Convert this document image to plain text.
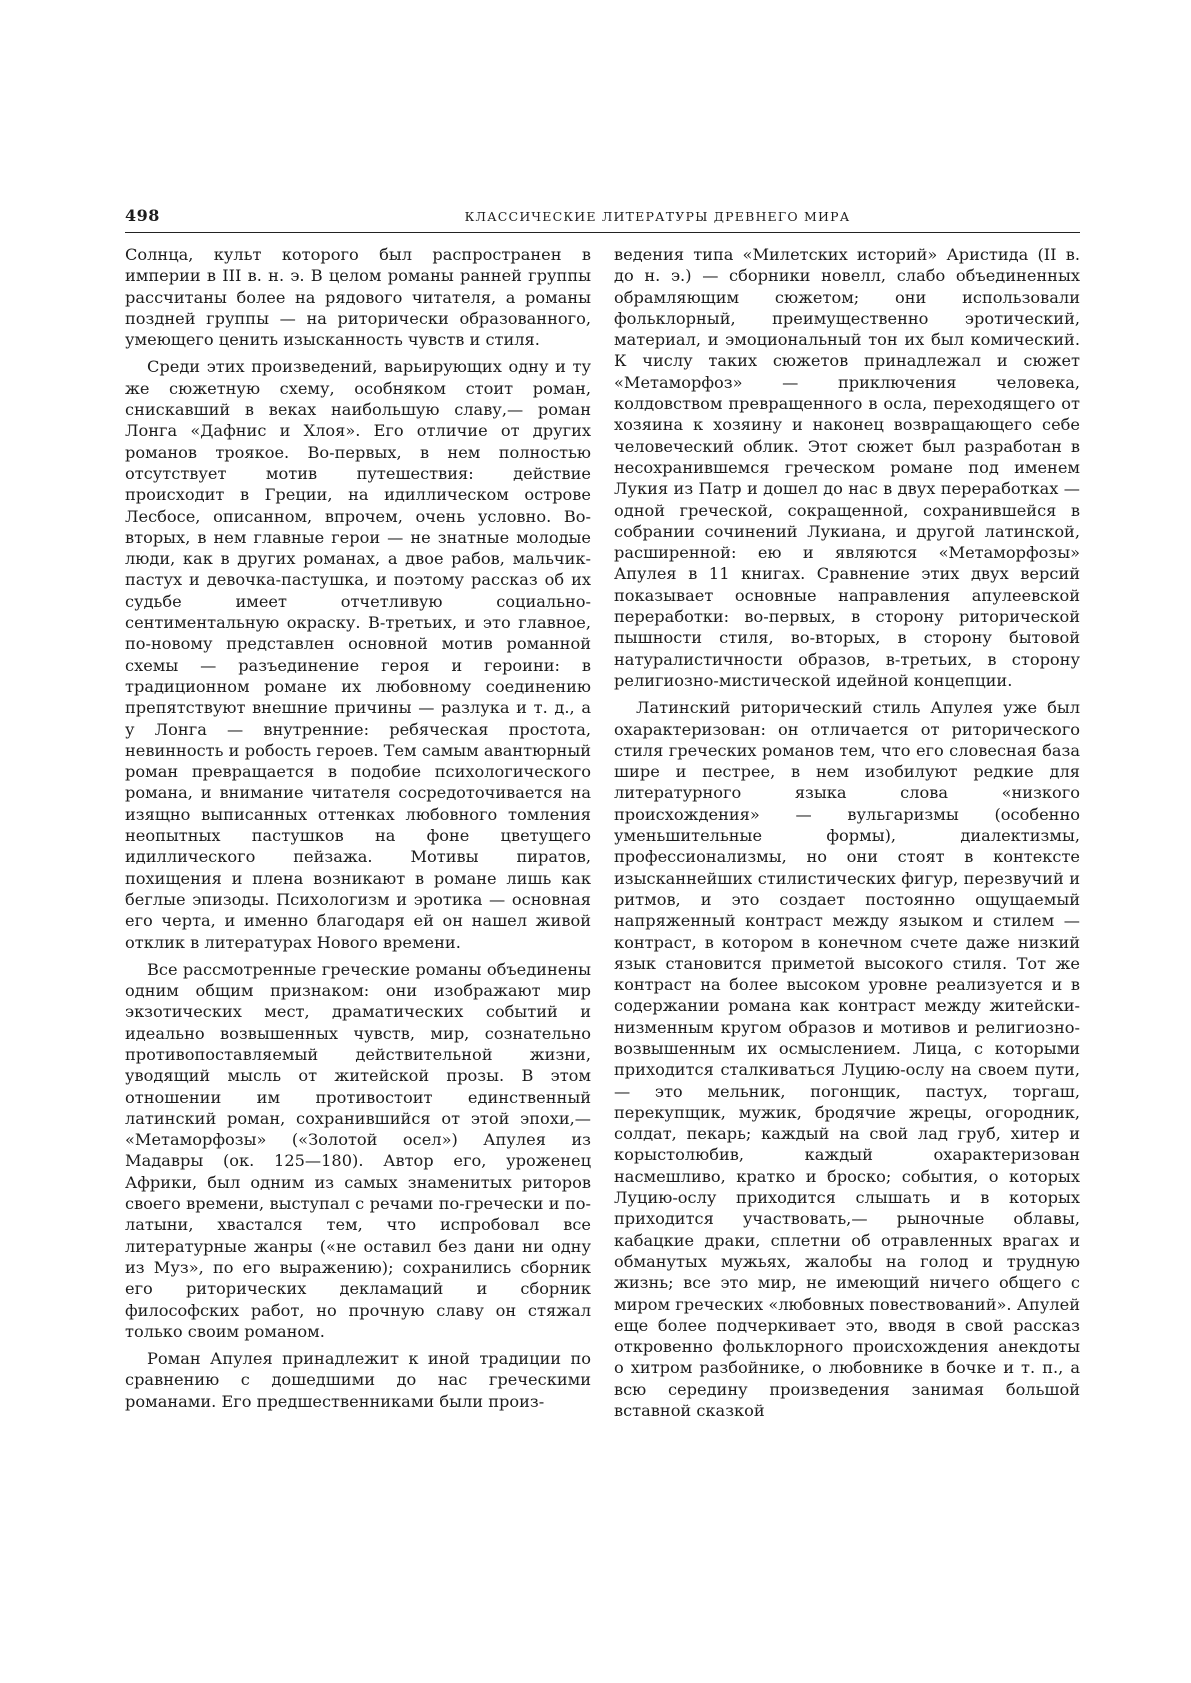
498	КЛАССИЧЕСКИЕ ЛИТЕРАТУРЫ ДРЕВНЕГО МИРА

Солнца, культ которого был распространен в империи в III в. н. э. В целом романы ранней группы рассчитаны более на рядового читателя, а романы поздней группы — на риторически образованного, умеющего ценить изысканность чувств и стиля.

Среди этих произведений, варьирующих одну и ту же сюжетную схему, особняком стоит роман, снискавший в веках наибольшую славу,— роман Лонга «Дафнис и Хлоя». Его отличие от других романов троякое. Во-первых, в нем полностью отсутствует мотив путешествия: действие происходит в Греции, на идиллическом острове Лесбосе, описанном, впрочем, очень условно. Во-вторых, в нем главные герои — не знатные молодые люди, как в других романах, а двое рабов, мальчик-пастух и девочка-пастушка, и поэтому рассказ об их судьбе имеет отчетливую социально-сентиментальную окраску. В-третьих, и это главное, по-новому представлен основной мотив романной схемы — разъединение героя и героини: в традиционном романе их любовному соединению препятствуют внешние причины — разлука и т. д., а у Лонга — внутренние: ребяческая простота, невинность и робость героев. Тем самым авантюрный роман превращается в подобие психологического романа, и внимание читателя сосредоточивается на изящно выписанных оттенках любовного томления неопытных пастушков на фоне цветущего идиллического пейзажа. Мотивы пиратов, похищения и плена возникают в романе лишь как беглые эпизоды. Психологизм и эротика — основная его черта, и именно благодаря ей он нашел живой отклик в литературах Нового времени.

Все рассмотренные греческие романы объединены одним общим признаком: они изображают мир экзотических мест, драматических событий и идеально возвышенных чувств, мир, сознательно противопоставляемый действительной жизни, уводящий мысль от житейской прозы. В этом отношении им противостоит единственный латинский роман, сохранившийся от этой эпохи,— «Метаморфозы» («Золотой осел») Апулея из Мадавры (ок. 125—180). Автор его, уроженец Африки, был одним из самых знаменитых риторов своего времени, выступал с речами по-гречески и по-латыни, хвастался тем, что испробовал все литературные жанры («не оставил без дани ни одну из Муз», по его выражению); сохранились сборник его риторических декламаций и сборник философских работ, но прочную славу он стяжал только своим романом.

Роман Апулея принадлежит к иной традиции по сравнению с дошедшими до нас греческими романами. Его предшественниками были произ-

ведения типа «Милетских историй» Аристида (II в. до н. э.) — сборники новелл, слабо объединенных обрамляющим сюжетом; они использовали фольклорный, преимущественно эротический, материал, и эмоциональный тон их был комический. К числу таких сюжетов принадлежал и сюжет «Метаморфоз» — приключения человека, колдовством превращенного в осла, переходящего от хозяина к хозяину и наконец возвращающего себе человеческий облик. Этот сюжет был разработан в несохранившемся греческом романе под именем Лукия из Патр и дошел до нас в двух переработках — одной греческой, сокращенной, сохранившейся в собрании сочинений Лукиана, и другой латинской, расширенной: ею и являются «Метаморфозы» Апулея в 11 книгах. Сравнение этих двух версий показывает основные направления апулеевской переработки: во-первых, в сторону риторической пышности стиля, во-вторых, в сторону бытовой натуралистичности образов, в-третьих, в сторону религиозно-мистической идейной концепции.

Латинский риторический стиль Апулея уже был охарактеризован: он отличается от риторического стиля греческих романов тем, что его словесная база шире и пестрее, в нем изобилуют редкие для литературного языка слова «низкого происхождения» — вульгаризмы (особенно уменьшительные формы), диалектизмы, профессионализмы, но они стоят в контексте изысканнейших стилистических фигур, перезвучий и ритмов, и это создает постоянно ощущаемый напряженный контраст между языком и стилем — контраст, в котором в конечном счете даже низкий язык становится приметой высокого стиля. Тот же контраст на более высоком уровне реализуется и в содержании романа как контраст между житейски-низменным кругом образов и мотивов и религиозно-возвышенным их осмыслением. Лица, с которыми приходится сталкиваться Луцию-ослу на своем пути,— это мельник, погонщик, пастух, торгаш, перекупщик, мужик, бродячие жрецы, огородник, солдат, пекарь; каждый на свой лад груб, хитер и корыстолюбив, каждый охарактеризован насмешливо, кратко и броско; события, о которых Луцию-ослу приходится слышать и в которых приходится участвовать,— рыночные облавы, кабацкие драки, сплетни об отравленных врагах и обманутых мужьях, жалобы на голод и трудную жизнь; все это мир, не имеющий ничего общего с миром греческих «любовных повествований». Апулей еще более подчеркивает это, вводя в свой рассказ откровенно фольклорного происхождения анекдоты о хитром разбойнике, о любовнике в бочке и т. п., а всю середину произведения занимая большой вставной сказкой
